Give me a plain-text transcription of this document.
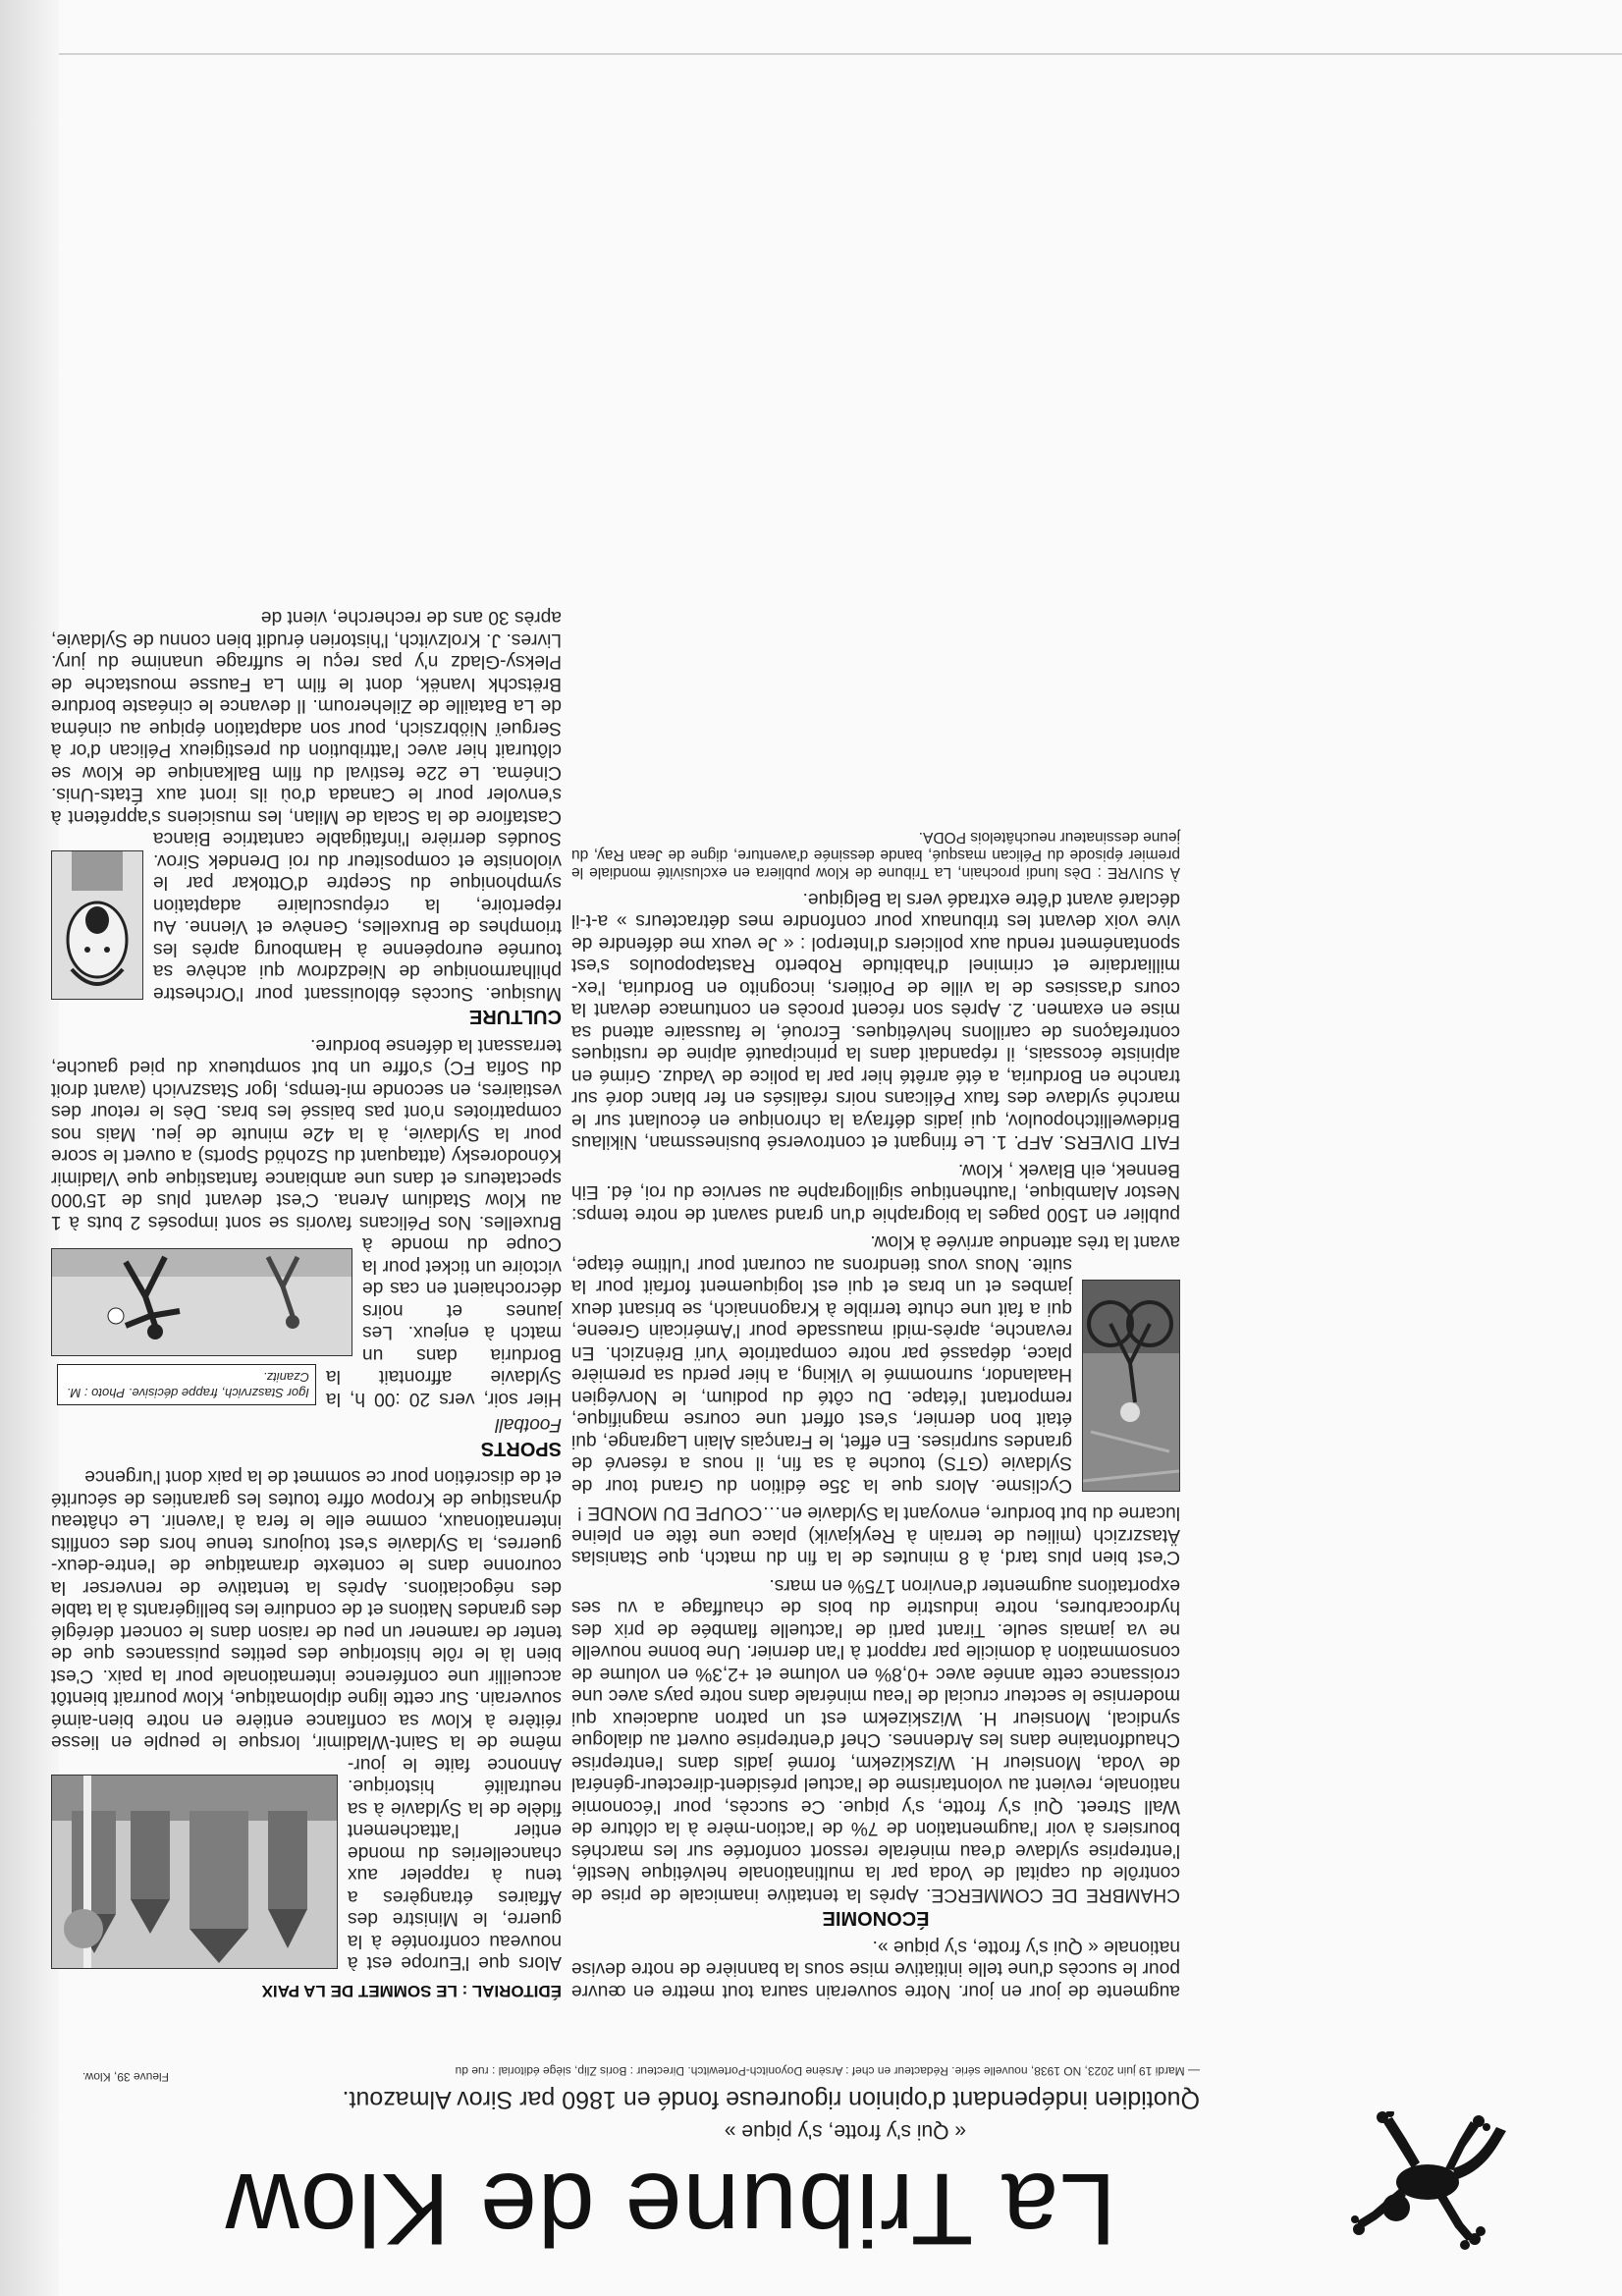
La Tribune de Klow
« Qui s'y frotte, s'y pique »
Quotidien indépendant d'opinion rigoureuse fondé en 1860 par Sirov Almazout.
— Mardi 19 juin 2023, NO 1938, nouvelle série. Rédacteur en chef : Arsène Doyonitch-Portewitch. Directeur : Boris Zlip, siège éditorial : rue du
Fleuve 39, Klow.
ÉDITORIAL : LE SOMMET DE LA PAIX

Alors que l'Europe est à nouveau confrontée à la guerre, le Ministre des Affaires étrangères a tenu à rappeler aux chancelleries du monde entier l'attachement fidèle de la Syldavie à sa neutralité historique. Annonce faite le jour-même de la Saint-Wladimir, lorsque le peuple en liesse réitère à Klow sa confiance entière en notre bien-aimé souverain. Sur cette ligne diplomatique, Klow pourrait bientôt accueillir une conférence internationale pour la paix. C'est bien là le rôle historique des petites puissances que de tenter de ramener un peu de raison dans le concert déréglé des grandes Nations et de conduire les belligérants à la table des négociations. Après la tentative de renverser la couronne dans le contexte dramatique de l'entre-deux-guerres, la Syldavie s'est toujours tenue hors des conflits internationaux, comme elle le fera à l'avenir. Le château dynastique de Kropow offre toutes les garanties de sécurité et de discrétion pour ce sommet de la paix dont l'urgence

SPORTS
Football
Igor Staszrvich, frappe décisive. Photo : M. Czanitz.

Hier soir, vers 20 :00 h, la Syldavie affrontait la Borduria dans un match à enjeux. Les jaunes et noirs décrochaient en cas de victoire un ticket pour la Coupe du monde à Bruxelles. Nos Pélicans favoris se sont imposés 2 buts à 1 au Klow Stadium Arena. C'est devant plus de 15'000 spectateurs et dans une ambiance fantastique que Vladimir Kónodoresky (attaquant du Szohöd Sports) a ouvert le score pour la Syldavie, à la 42e minute de jeu. Mais nos compatriotes n'ont pas baissé les bras. Dès le retour des vestiaires, en seconde mi-temps, Igor Staszrvich (avant droit du Sofia FC) s'offre un but somptueux du pied gauche, terrassant la défense bordure.

CULTURE

Musique. Succès éblouissant pour l'Orchestre philharmonique de Niedzdrow qui achève sa tournée européenne à Hambourg après les triomphes de Bruxelles, Genève et Vienne. Au répertoire, la crépusculaire adaptation symphonique du Sceptre d'Ottokar par le violoniste et compositeur du roi Drendek Sirov. Soudés derrière l'infatigable cantatrice Bianca Castafiore de la Scala de Milan, les musiciens s'apprêtent à s'envoler pour le Canada d'où ils iront aux États-Unis. Cinéma. Le 22e festival du film Balkanique de Klow se clôturait hier avec l'attribution du prestigieux Pélican d'or à Sergueï Niöbrzsich, pour son adaptation épique au cinéma de La Bataille de Zileheroum. Il devance le cinéaste bordure Brëtschk Ivanëk, dont le film La Fausse moustache de Pleksy-Gladz n'y pas reçu le suffrage unanime du jury. Livres. J. Krolzvitch, l'historien érudit bien connu de Syldavie, après 30 ans de recherche, vient de

augmente de jour en jour. Notre souverain saura tout mettre en œuvre pour le succès d'une telle initiative mise sous la bannière de notre devise nationale « Qui s'y frotte, s'y pique ».

ÉCONOMIE

CHAMBRE DE COMMERCE. Après la tentative inamicale de prise de contrôle du capital de Voda par la multinationale helvétique Nestlé, l'entreprise syldave d'eau minérale ressort confortée sur les marchés boursiers à voir l'augmentation de 7% de l'action-mère à la clôture de Wall Street. Qui s'y frotte, s'y pique. Ce succès, pour l'économie nationale, revient au volontarisme de l'actuel président-directeur-général de Voda, Monsieur H. Wizskizekm, formé jadis dans l'entreprise Chaudfontaine dans les Ardennes. Chef d'entreprise ouvert au dialogue syndical, Monsieur H. Wizskizekm est un patron audacieux qui modernise le secteur crucial de l'eau minérale dans notre pays avec une croissance cette année avec +0,8% en volume et +2,3% en volume de consommation à domicile par rapport à l'an dernier. Une bonne nouvelle ne va jamais seule. Tirant parti de l'actuelle flambée de prix des hydrocarbures, notre industrie du bois de chauffage a vu ses exportations augmenter d'environ 175% en mars.

C'est bien plus tard, à 8 minutes de la fin du match, que Stanislas Ätaszrzich (milieu de terrain à Reykjavik) place une tête en pleine lucarne du but bordure, envoyant la Syldavie en…COUPE DU MONDE !

Cyclisme. Alors que la 35e édition du Grand tour de Syldavie (GTS) touche à sa fin, il nous a réservé de grandes surprises. En effet, le Français Alain Lagrange, qui était bon dernier, s'est offert une course magnifique, remportant l'étape. Du côté du podium, le Norvégien Haalandor, surnommé le Viking, a hier perdu sa première place, dépassé par notre compatriote Yurï Brënzich. En revanche, après-midi maussade pour l'Américain Greene, qui a fait une chute terrible à Kragonnaich, se brisant deux jambes et un bras et qui est logiquement forfait pour la suite. Nous vous tiendrons au courant pour l'ultime étape, avant la très attendue arrivée à Klow.

publier en 1500 pages la biographie d'un grand savant de notre temps: Nestor Alambique, l'authentique sigillographe au service du roi, éd. Eih Bennek, eih Blavek , Klow.

FAIT DIVERS. AFP. 1. Le fringant et controversé businessman, Nikilaus Bridewellitchopoulov, qui jadis défraya la chronique en écoulant sur le marché syldave des faux Pélicans noirs réalisés en fer blanc doré sur tranche en Borduria, a été arrêté hier par la police de Vaduz. Grimé en alpiniste écossais, il répandait dans la principauté alpine de rustiques contrefaçons de carillons helvétiques. Écroué, le faussaire attend sa mise en examen. 2. Après son récent procès en contumace devant la cours d'assises de la ville de Poitiers, incognito en Borduria, l'ex-milliardaire et criminel d'habitude Roberto Rastapopoulos s'est spontanément rendu aux policiers d'Interpol : « Je veux me défendre de vive voix devant les tribunaux pour confondre mes détracteurs » a-t-il déclaré avant d'être extradé vers la Belgique.

À SUIVRE : Dès lundi prochain, La Tribune de Klow publiera en exclusivité mondiale le premier épisode du Pélican masqué, bande dessinée d'aventure, digne de Jean Ray, du jeune dessinateur neuchâtelois PODA.
